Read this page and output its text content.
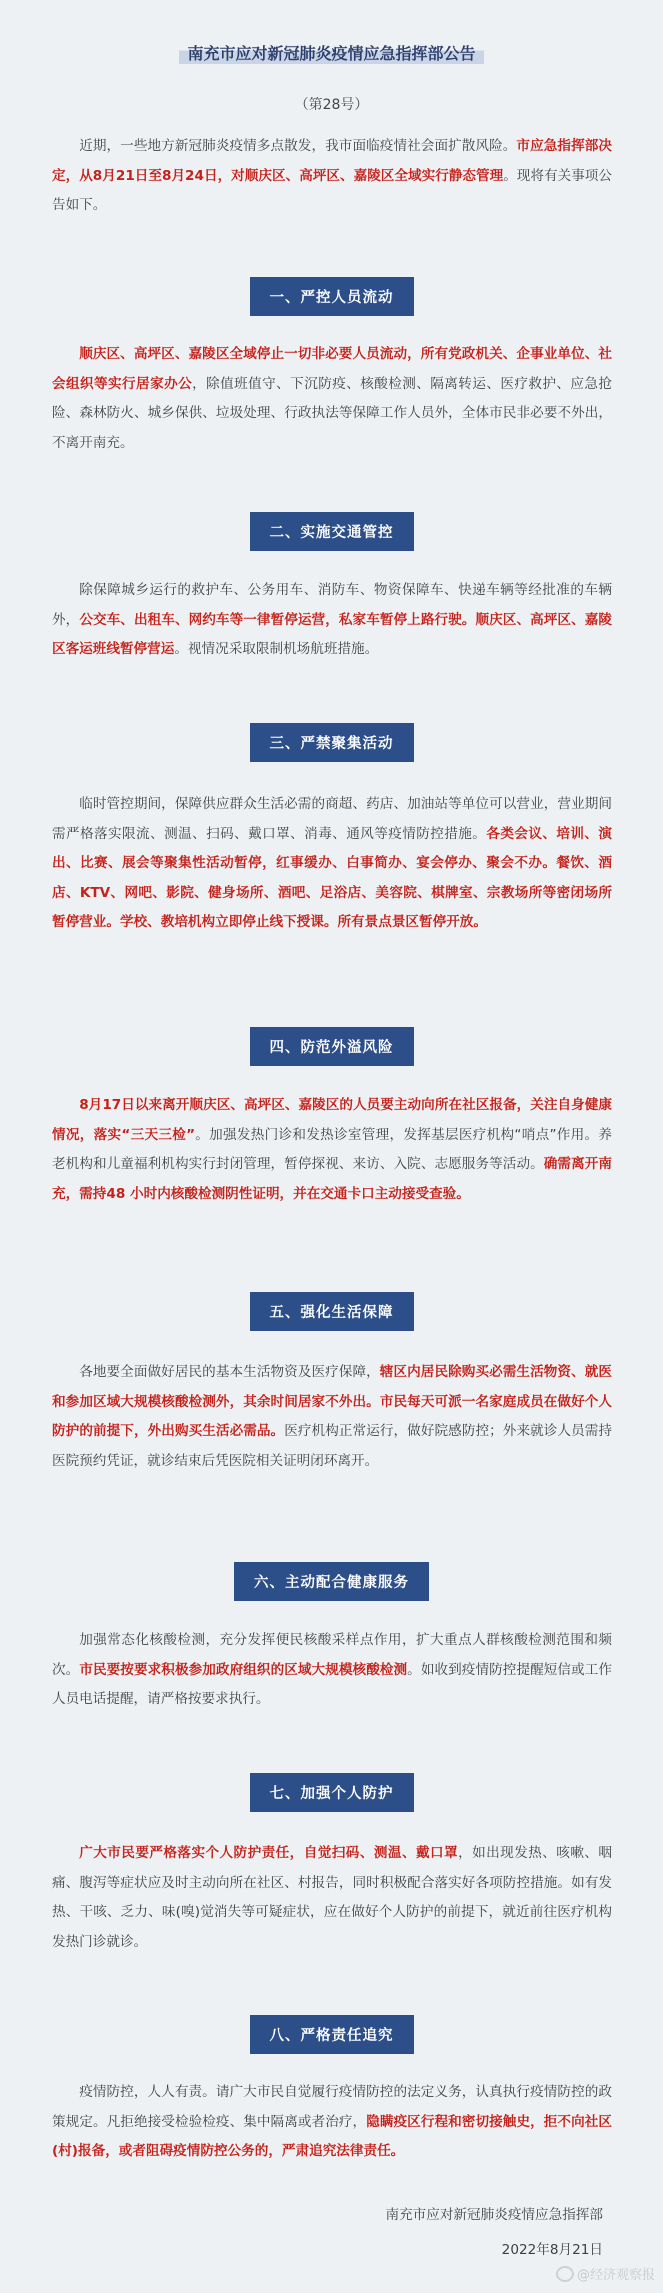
南充市应对新冠肺炎疫情应急指挥部公告
（第28号）
近期，一些地方新冠肺炎疫情多点散发，我市面临疫情社会面扩散风险。市应急指挥部决定，从8月21日至8月24日，对顺庆区、高坪区、嘉陵区全域实行静态管理。现将有关事项公告如下。
一、严控人员流动
顺庆区、高坪区、嘉陵区全域停止一切非必要人员流动，所有党政机关、企事业单位、社会组织等实行居家办公，除值班值守、下沉防疫、核酸检测、隔离转运、医疗救护、应急抢险、森林防火、城乡保供、垃圾处理、行政执法等保障工作人员外，全体市民非必要不外出，不离开南充。
二、实施交通管控
除保障城乡运行的救护车、公务用车、消防车、物资保障车、快递车辆等经批准的车辆外，公交车、出租车、网约车等一律暂停运营，私家车暂停上路行驶。顺庆区、高坪区、嘉陵区客运班线暂停营运。视情况采取限制机场航班措施。
三、严禁聚集活动
临时管控期间，保障供应群众生活必需的商超、药店、加油站等单位可以营业，营业期间需严格落实限流、测温、扫码、戴口罩、消毒、通风等疫情防控措施。各类会议、培训、演出、比赛、展会等聚集性活动暂停，红事缓办、白事简办、宴会停办、聚会不办。餐饮、酒店、KTV、网吧、影院、健身场所、酒吧、足浴店、美容院、棋牌室、宗教场所等密闭场所暂停营业。学校、教培机构立即停止线下授课。所有景点景区暂停开放。
四、防范外溢风险
8月17日以来离开顺庆区、高坪区、嘉陵区的人员要主动向所在社区报备，关注自身健康情况，落实“三天三检”。加强发热门诊和发热诊室管理，发挥基层医疗机构“哨点”作用。养老机构和儿童福利机构实行封闭管理，暂停探视、来访、入院、志愿服务等活动。确需离开南充，需持48 小时内核酸检测阴性证明，并在交通卡口主动接受查验。
五、强化生活保障
各地要全面做好居民的基本生活物资及医疗保障，辖区内居民除购买必需生活物资、就医和参加区域大规模核酸检测外，其余时间居家不外出。市民每天可派一名家庭成员在做好个人防护的前提下，外出购买生活必需品。医疗机构正常运行，做好院感防控；外来就诊人员需持医院预约凭证，就诊结束后凭医院相关证明闭环离开。
六、主动配合健康服务
加强常态化核酸检测，充分发挥便民核酸采样点作用，扩大重点人群核酸检测范围和频次。市民要按要求积极参加政府组织的区域大规模核酸检测。如收到疫情防控提醒短信或工作人员电话提醒，请严格按要求执行。
七、加强个人防护
广大市民要严格落实个人防护责任，自觉扫码、测温、戴口罩，如出现发热、咳嗽、咽痛、腹泻等症状应及时主动向所在社区、村报告，同时积极配合落实好各项防控措施。如有发热、干咳、乏力、味(嗅)觉消失等可疑症状，应在做好个人防护的前提下，就近前往医疗机构发热门诊就诊。
八、严格责任追究
疫情防控，人人有责。请广大市民自觉履行疫情防控的法定义务，认真执行疫情防控的政策规定。凡拒绝接受检验检疫、集中隔离或者治疗，隐瞒疫区行程和密切接触史，拒不向社区(村)报备，或者阻碍疫情防控公务的，严肃追究法律责任。
南充市应对新冠肺炎疫情应急指挥部
2022年8月21日
@经济观察报
